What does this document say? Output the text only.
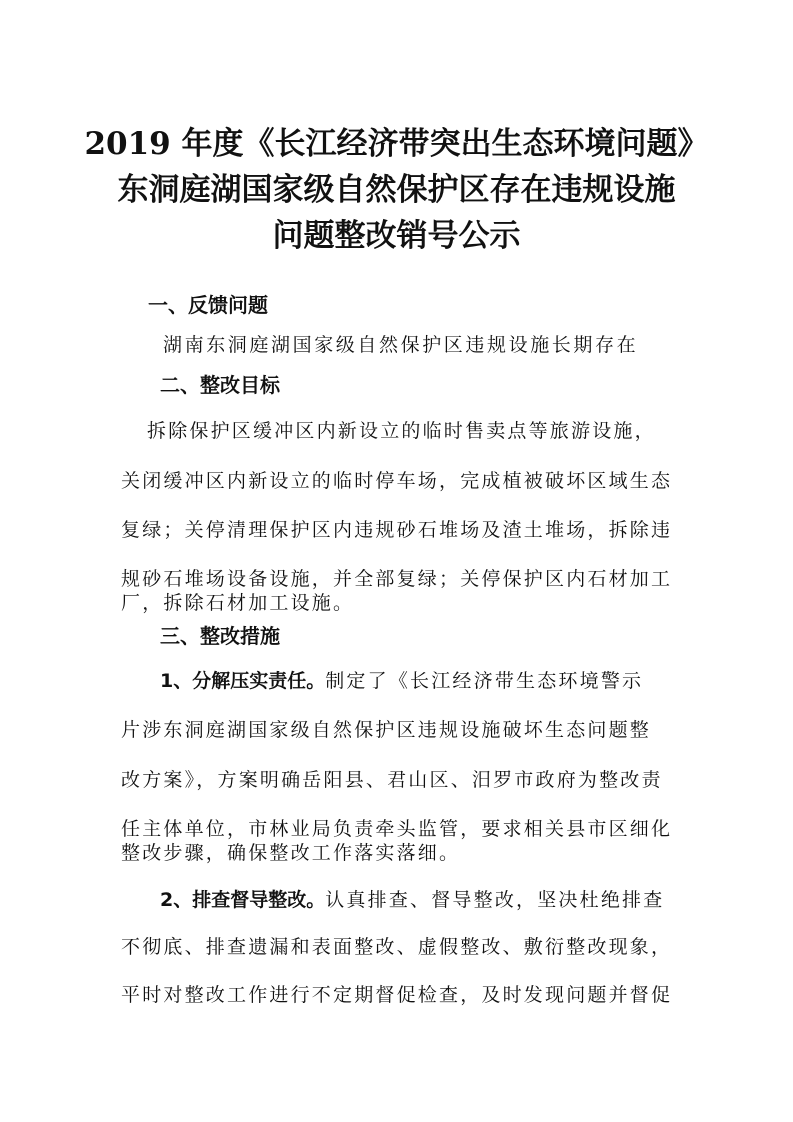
2019 年度《长江经济带突出生态环境问题》
东洞庭湖国家级自然保护区存在违规设施
问题整改销号公示
一、反馈问题
湖南东洞庭湖国家级自然保护区违规设施长期存在
二、整改目标
拆除保护区缓冲区内新设立的临时售卖点等旅游设施，
关闭缓冲区内新设立的临时停车场，完成植被破坏区域生态
复绿；关停清理保护区内违规砂石堆场及渣土堆场，拆除违
规砂石堆场设备设施，并全部复绿；关停保护区内石材加工
厂，拆除石材加工设施。
三、整改措施
1、分解压实责任。制定了《长江经济带生态环境警示
片涉东洞庭湖国家级自然保护区违规设施破坏生态问题整
改方案》，方案明确岳阳县、君山区、汨罗市政府为整改责
任主体单位，市林业局负责牵头监管，要求相关县市区细化
整改步骤，确保整改工作落实落细。
2、排查督导整改。认真排查、督导整改，坚决杜绝排查
不彻底、排查遗漏和表面整改、虚假整改、敷衍整改现象，
平时对整改工作进行不定期督促检查，及时发现问题并督促
